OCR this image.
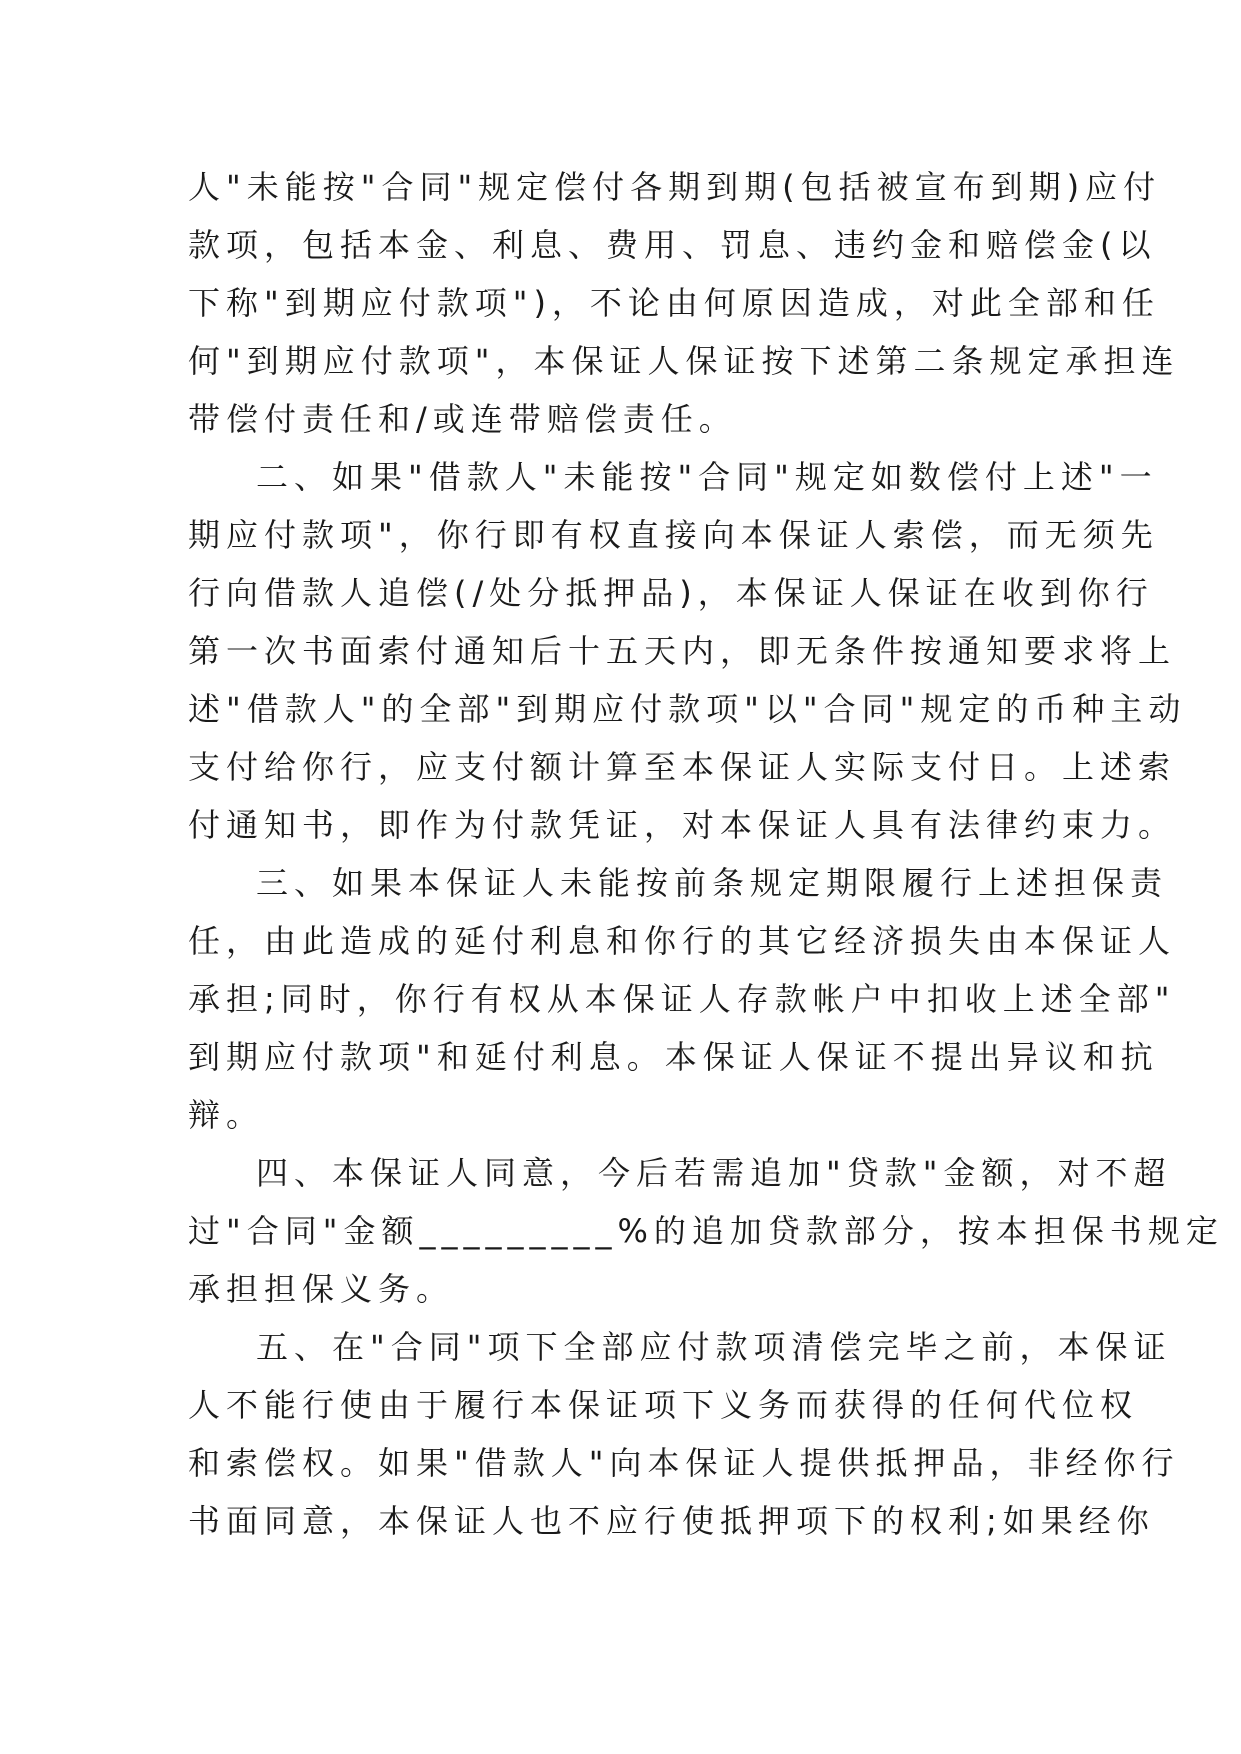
人"未能按"合同"规定偿付各期到期(包括被宣布到期)应付
款项，包括本金、利息、费用、罚息、违约金和赔偿金(以
下称"到期应付款项")，不论由何原因造成，对此全部和任
何"到期应付款项"，本保证人保证按下述第二条规定承担连
带偿付责任和/或连带赔偿责任。
二、如果"借款人"未能按"合同"规定如数偿付上述"一
期应付款项"，你行即有权直接向本保证人索偿，而无须先
行向借款人追偿(/处分抵押品)，本保证人保证在收到你行
第一次书面索付通知后十五天内，即无条件按通知要求将上
述"借款人"的全部"到期应付款项"以"合同"规定的币种主动
支付给你行，应支付额计算至本保证人实际支付日。上述索
付通知书，即作为付款凭证，对本保证人具有法律约束力。
三、如果本保证人未能按前条规定期限履行上述担保责
任，由此造成的延付利息和你行的其它经济损失由本保证人
承担;同时，你行有权从本保证人存款帐户中扣收上述全部"
到期应付款项"和延付利息。本保证人保证不提出异议和抗
辩。
四、本保证人同意，今后若需追加"贷款"金额，对不超
过"合同"金额_________%的追加贷款部分，按本担保书规定
承担担保义务。
五、在"合同"项下全部应付款项清偿完毕之前，本保证
人不能行使由于履行本保证项下义务而获得的任何代位权
和索偿权。如果"借款人"向本保证人提供抵押品，非经你行
书面同意，本保证人也不应行使抵押项下的权利;如果经你
